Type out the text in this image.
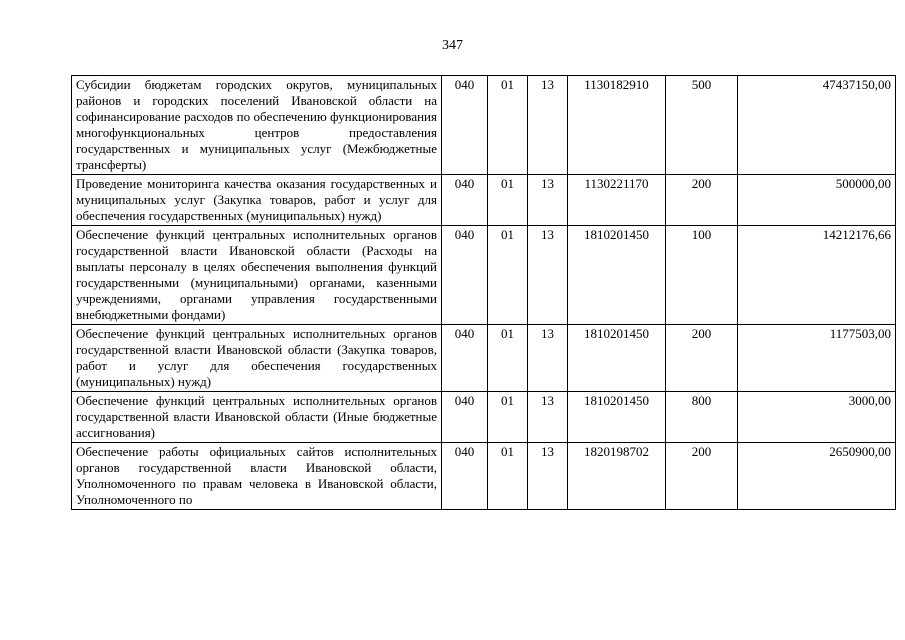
347
Субсидии бюджетам городских округов, муниципальных районов и городских поселений Ивановской области на софинансирование расходов по обеспечению функционирования многофункциональных центров предоставления государственных и муниципальных услуг (Межбюджетные трансферты)	040	01	13	1130182910	500	47437150,00
Проведение мониторинга качества оказания государственных и муниципальных услуг (Закупка товаров, работ и услуг для обеспечения государственных (муниципальных) нужд)	040	01	13	1130221170	200	500000,00
Обеспечение функций центральных исполнительных органов государственной власти Ивановской области (Расходы на выплаты персоналу в целях обеспечения выполнения функций государственными (муниципальными) органами, казенными учреждениями, органами управления государственными внебюджетными фондами)	040	01	13	1810201450	100	14212176,66
Обеспечение функций центральных исполнительных органов государственной власти Ивановской области (Закупка товаров, работ и услуг для обеспечения государственных (муниципальных) нужд)	040	01	13	1810201450	200	1177503,00
Обеспечение функций центральных исполнительных органов государственной власти Ивановской области (Иные бюджетные ассигнования)	040	01	13	1810201450	800	3000,00
Обеспечение работы официальных сайтов исполнительных органов государственной власти Ивановской области, Уполномоченного по правам человека в Ивановской области, Уполномоченного по	040	01	13	1820198702	200	2650900,00
